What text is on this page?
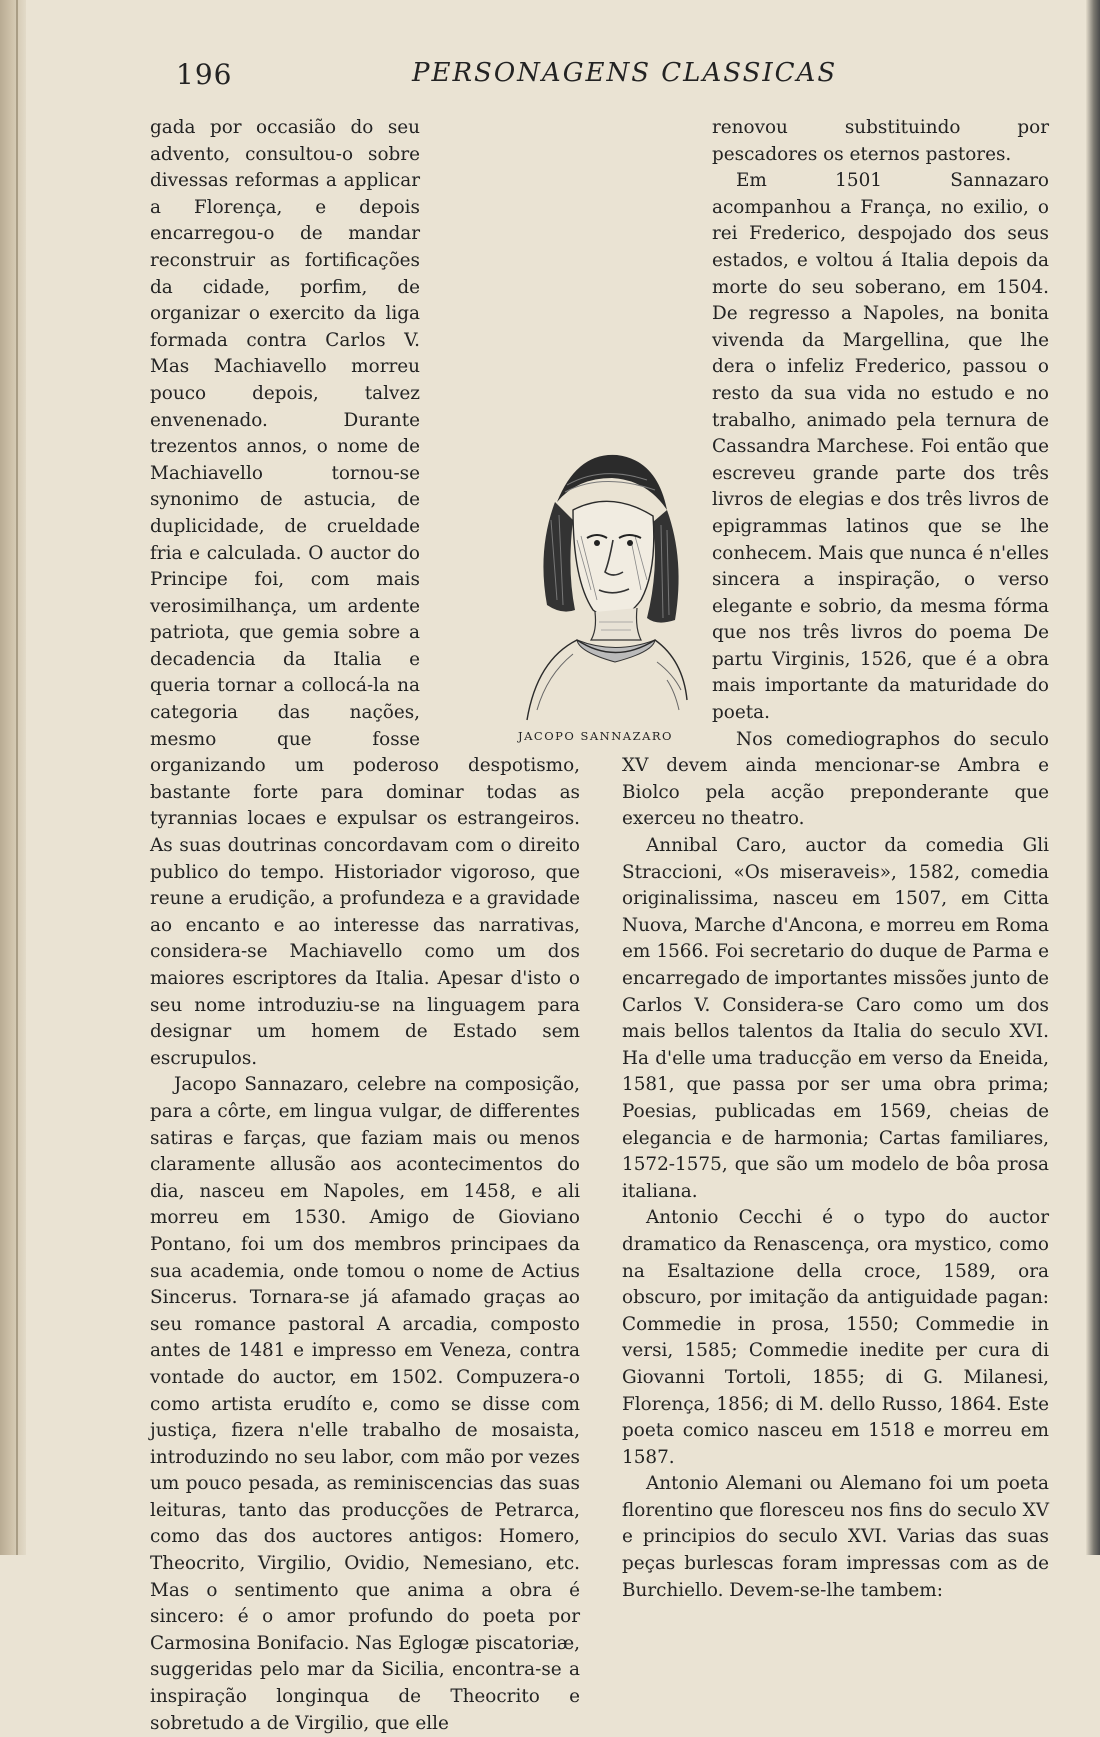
196	PERSONAGENS CLASSICAS

gada por occasião do seu advento, consultou-o sobre divessas reformas a applicar a Florença, e depois encarregou-o de mandar reconstruir as fortificações da cidade, porfim, de organizar o exercito da liga formada contra Carlos V. Mas Machiavello morreu pouco depois, talvez envenenado. Durante trezentos annos, o nome de Machiavello tornou-se synonimo de astucia, de duplicidade, de crueldade fria e calculada. O auctor do Principe foi, com mais verosimilhança, um ardente patriota, que gemia sobre a decadencia da Italia e queria tornar a collocá-la na categoria das nações, mesmo que fosse organizando um poderoso despotismo, bastante forte para dominar todas as tyrannias locaes e expulsar os estrangeiros. As suas doutrinas concordavam com o direito publico do tempo. Historiador vigoroso, que reune a erudição, a profundeza e a gravidade ao encanto e ao interesse das narrativas, considera-se Machiavello como um dos maiores escriptores da Italia. Apesar d'isto o seu nome introduziu-se na linguagem para designar um homem de Estado sem escrupulos.

Jacopo Sannazaro, celebre na composição, para a côrte, em lingua vulgar, de differentes satiras e farças, que faziam mais ou menos claramente allusão aos acontecimentos do dia, nasceu em Napoles, em 1458, e ali morreu em 1530. Amigo de Gioviano Pontano, foi um dos membros principaes da sua academia, onde tomou o nome de Actius Sincerus. Tornara-se já afamado graças ao seu romance pastoral A arcadia, composto antes de 1481 e impresso em Veneza, contra vontade do auctor, em 1502. Compuzera-o como artista erudíto e, como se disse com justiça, fizera n'elle trabalho de mosaista, introduzindo no seu labor, com mão por vezes um pouco pesada, as reminiscencias das suas leituras, tanto das producções de Petrarca, como das dos auctores antigos: Homero, Theocrito, Virgilio, Ovidio, Nemesiano, etc. Mas o sentimento que anima a obra é sincero: é o amor profundo do poeta por Carmosina Bonifacio. Nas Eglogæ piscatoriæ, suggeridas pelo mar da Sicilia, encontra-se a inspiração longinqua de Theocrito e sobretudo a de Virgilio, que elle

renovou substituindo por pescadores os eternos pastores.

Em 1501 Sannazaro acompanhou a França, no exilio, o rei Frederico, despojado dos seus estados, e voltou á Italia depois da morte do seu soberano, em 1504. De regresso a Napoles, na bonita vivenda da Margellina, que lhe dera o infeliz Frederico, passou o resto da sua vida no estudo e no trabalho, animado pela ternura de Cassandra Marchese. Foi então que escreveu grande parte dos três livros de elegias e dos três livros de epigrammas latinos que se lhe conhecem. Mais que nunca é n'elles sincera a inspiração, o verso elegante e sobrio, da mesma fórma que nos três livros do poema De partu Virginis, 1526, que é a obra mais importante da maturidade do poeta.

Nos comediographos do seculo XV devem ainda mencionar-se Ambra e Biolco pela acção preponderante que exerceu no theatro.

Annibal Caro, auctor da comedia Gli Straccioni, «Os miseraveis», 1582, comedia originalissima, nasceu em 1507, em Citta Nuova, Marche d'Ancona, e morreu em Roma em 1566. Foi secretario do duque de Parma e encarregado de importantes missões junto de Carlos V. Considera-se Caro como um dos mais bellos talentos da Italia do seculo XVI. Ha d'elle uma traducção em verso da Eneida, 1581, que passa por ser uma obra prima; Poesias, publicadas em 1569, cheias de elegancia e de harmonia; Cartas familiares, 1572-1575, que são um modelo de bôa prosa italiana.

Antonio Cecchi é o typo do auctor dramatico da Renascença, ora mystico, como na Esaltazione della croce, 1589, ora obscuro, por imitação da antiguidade pagan: Commedie in prosa, 1550; Commedie in versi, 1585; Commedie inedite per cura di Giovanni Tortoli, 1855; di G. Milanesi, Florença, 1856; di M. dello Russo, 1864. Este poeta comico nasceu em 1518 e morreu em 1587.

Antonio Alemani ou Alemano foi um poeta florentino que floresceu nos fins do seculo XV e principios do seculo XVI. Varias das suas peças burlescas foram impressas com as de Burchiello. Devem-se-lhe tambem:

JACOPO SANNAZARO
